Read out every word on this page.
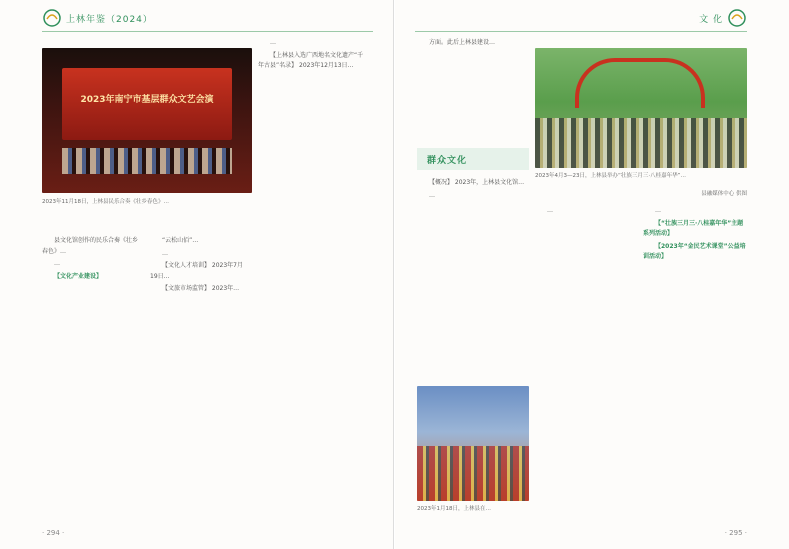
上林年鉴（2024）
2023年南宁市基层群众文艺会演
2023年11月18日，上林县民乐合奏《壮乡春色》…

县文化馆创作的民乐合奏《壮乡春色》…

…

【文化产业建设】

“云松山佰”…

…

【文化人才培训】 2023年7月19日…

【文旅市场监管】 2023年…

…

【上林县入选广西地名文化遗产“千年古县”名录】 2023年12月13日…

· 294 ·
文 化

方面。此后上林县建设…

群众文化

【概况】 2023年，上林县文化馆…

…

2023年4月3—23日，上林县举办“壮族三月三·八桂嘉年华”…
县融媒体中心 供图

…

2023年1月18日，上林县在…

…

【“壮族三月三·八桂嘉年华”主题系列活动】

【2023年“金民艺术课堂”公益培训活动】

· 295 ·
